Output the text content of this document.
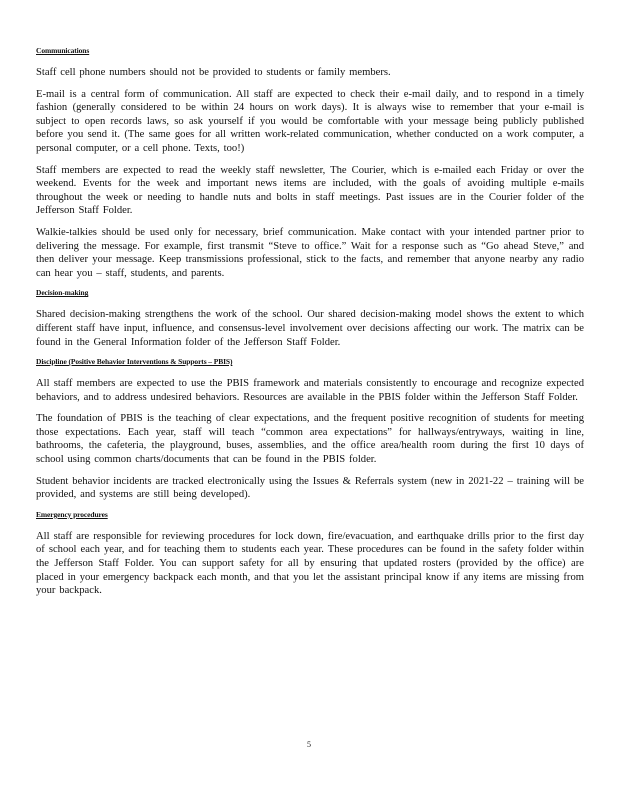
Communications

Staff cell phone numbers should not be provided to students or family members.

E-mail is a central form of communication. All staff are expected to check their e-mail daily, and to respond in a timely fashion (generally considered to be within 24 hours on work days). It is always wise to remember that your e-mail is subject to open records laws, so ask yourself if you would be comfortable with your message being publicly published before you send it. (The same goes for all written work-related communication, whether conducted on a work computer, a personal computer, or a cell phone. Texts, too!)

Staff members are expected to read the weekly staff newsletter, The Courier, which is e-mailed each Friday or over the weekend. Events for the week and important news items are included, with the goals of avoiding multiple e-mails throughout the week or needing to handle nuts and bolts in staff meetings. Past issues are in the Courier folder of the Jefferson Staff Folder.

Walkie-talkies should be used only for necessary, brief communication. Make contact with your intended partner prior to delivering the message. For example, first transmit “Steve to office.” Wait for a response such as “Go ahead Steve,” and then deliver your message. Keep transmissions professional, stick to the facts, and remember that anyone nearby any radio can hear you – staff, students, and parents.

Decision-making

Shared decision-making strengthens the work of the school. Our shared decision-making model shows the extent to which different staff have input, influence, and consensus-level involvement over decisions affecting our work. The matrix can be found in the General Information folder of the Jefferson Staff Folder.

Discipline (Positive Behavior Interventions & Supports – PBIS)

All staff members are expected to use the PBIS framework and materials consistently to encourage and recognize expected behaviors, and to address undesired behaviors. Resources are available in the PBIS folder within the Jefferson Staff Folder.

The foundation of PBIS is the teaching of clear expectations, and the frequent positive recognition of students for meeting those expectations. Each year, staff will teach “common area expectations” for hallways/entryways, waiting in line, bathrooms, the cafeteria, the playground, buses, assemblies, and the office area/health room during the first 10 days of school using common charts/documents that can be found in the PBIS folder.

Student behavior incidents are tracked electronically using the Issues & Referrals system (new in 2021-22 – training will be provided, and systems are still being developed).

Emergency procedures

All staff are responsible for reviewing procedures for lock down, fire/evacuation, and earthquake drills prior to the first day of school each year, and for teaching them to students each year. These procedures can be found in the safety folder within the Jefferson Staff Folder. You can support safety for all by ensuring that updated rosters (provided by the office) are placed in your emergency backpack each month, and that you let the assistant principal know if any items are missing from your backpack.

5
